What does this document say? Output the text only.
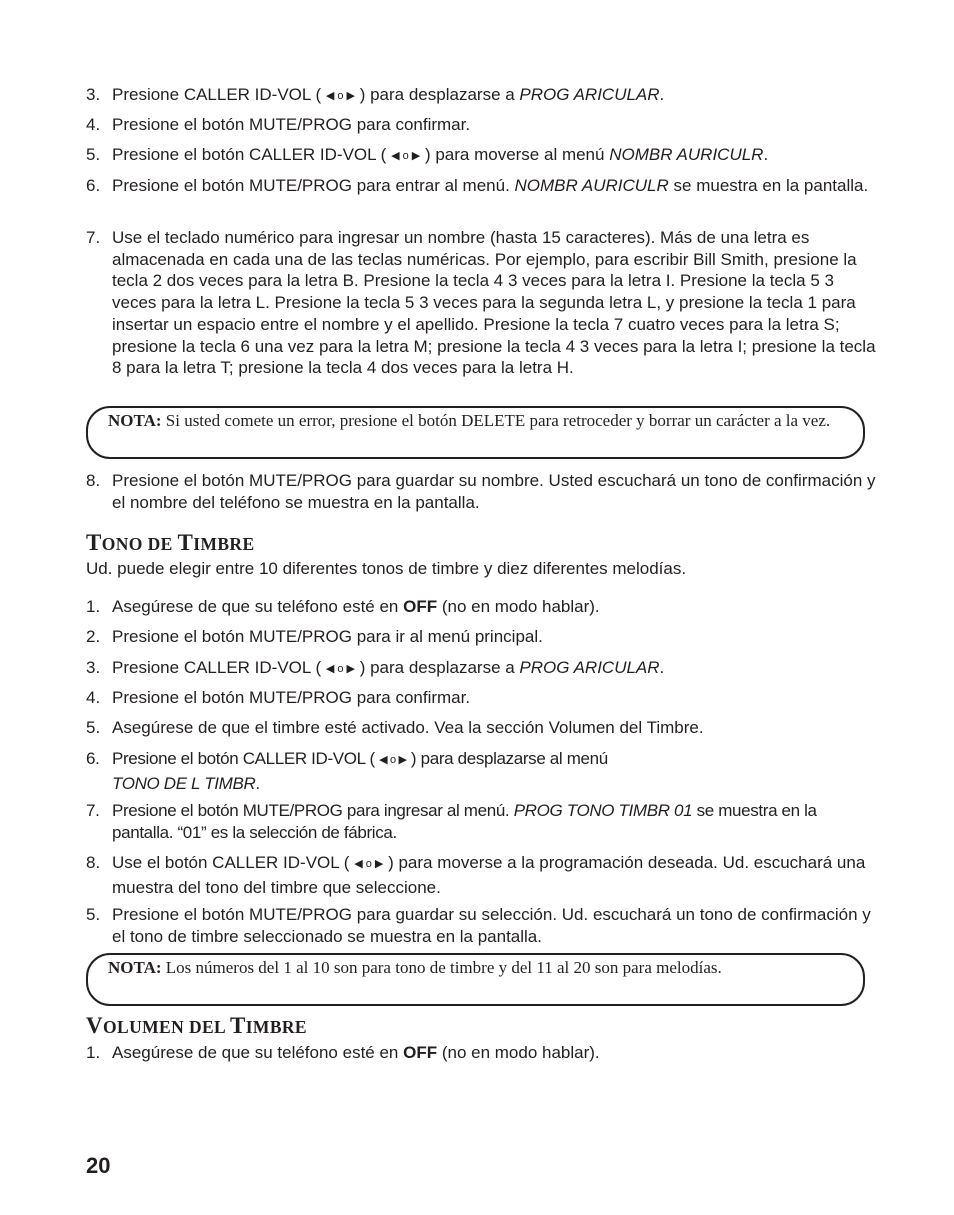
3. Presione CALLER ID-VOL ( ◀ o ▶ ) para desplazarse a PROG ARICULAR.
4. Presione el botón MUTE/PROG para confirmar.
5. Presione el botón CALLER ID-VOL ( ◀ o ▶ ) para moverse al menú NOMBR AURICULR.
6. Presione el botón MUTE/PROG para entrar al menú. NOMBR AURICULR se muestra en la pantalla.
7. Use el teclado numérico para ingresar un nombre (hasta 15 caracteres). Más de una letra es almacenada en cada una de las teclas numéricas. Por ejemplo, para escribir Bill Smith, presione la tecla 2 dos veces para la letra B. Presione la tecla 4 3 veces para la letra I. Presione la tecla 5 3 veces para la letra L. Presione la tecla 5 3 veces para la segunda letra L, y presione la tecla 1 para insertar un espacio entre el nombre y el apellido. Presione la tecla 7 cuatro veces para la letra S; presione la tecla 6 una vez para la letra M; presione la tecla 4 3 veces para la letra I; presione la tecla 8 para la letra T; presione la tecla 4 dos veces para la letra H.
NOTA: Si usted comete un error, presione el botón DELETE para retroceder y borrar un carácter a la vez.
8. Presione el botón MUTE/PROG para guardar su nombre. Usted escuchará un tono de confirmación y el nombre del teléfono se muestra en la pantalla.
TONO DE TIMBRE
Ud. puede elegir entre 10 diferentes tonos de timbre y diez diferentes melodías.
1. Asegúrese de que su teléfono esté en OFF (no en modo hablar).
2. Presione el botón MUTE/PROG para ir al menú principal.
3. Presione CALLER ID-VOL ( ◀ o ▶ ) para desplazarse a PROG ARICULAR.
4. Presione el botón MUTE/PROG para confirmar.
5. Asegúrese de que el timbre esté activado. Vea la sección Volumen del Timbre.
6. Presione el botón CALLER ID-VOL ( ◀ o ▶ ) para desplazarse al menú
TONO DE L TIMBR.
7. Presione el botón MUTE/PROG para ingresar al menú. PROG TONO TIMBR 01 se muestra en la pantalla. “01” es la selección de fábrica.
8. Use el botón CALLER ID-VOL ( ◀ o ▶ ) para moverse a la programación deseada. Ud. escuchará una muestra del tono del timbre que seleccione.
5. Presione el botón MUTE/PROG para guardar su selección. Ud. escuchará un tono de confirmación y el tono de timbre seleccionado se muestra en la pantalla.
NOTA: Los números del 1 al 10 son para tono de timbre y del 11 al 20 son para melodías.
VOLUMEN DEL TIMBRE
1. Asegúrese de que su teléfono esté en OFF (no en modo hablar).
20
